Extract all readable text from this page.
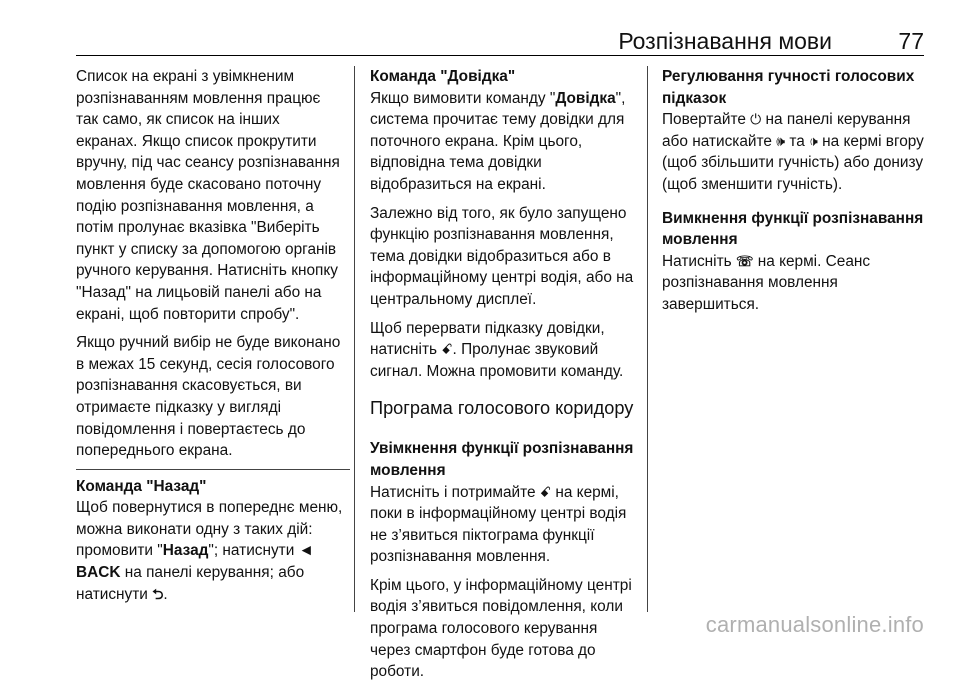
Розпізнавання мови	77

Список на екрані з увімкненим розпізнаванням мовлення працює так само, як список на інших екранах. Якщо список прокрутити вручну, під час сеансу розпізнавання мовлення буде скасовано поточну подію розпізнавання мовлення, а потім пролунає вказівка "Виберіть пункт у списку за допомогою органів ручного керування. Натисніть кнопку "Назад" на лицьовій панелі або на екрані, щоб повторити спробу".

Якщо ручний вибір не буде виконано в межах 15 секунд, сесія голосового розпізнавання скасовується, ви отримаєте підказку у вигляді повідомлення і повертаєтесь до попереднього екрана.

Команда "Назад"

Щоб повернутися в попереднє меню, можна виконати одну з таких дій: промовити "Назад"; натиснути ◄ BACK на панелі керування; або натиснути ⮌.

Команда "Довідка"

Якщо вимовити команду "Довідка", система прочитає тему довідки для поточного екрана. Крім цього, відповідна тема довідки відобразиться на екрані.

Залежно від того, як було запущено функцію розпізнавання мовлення, тема довідки відобразиться або в інформаційному центрі водія, або на центральному дисплеї.

Щоб перервати підказку довідки, натисніть ꗃ. Пролунає звуковий сигнал. Можна промовити команду.

Програма голосового коридору
Увімкнення функції розпізнавання мовлення

Натисніть і потримайте ꗃ на кермі, поки в інформаційному центрі водія не з’явиться піктограма функції розпізнавання мовлення.

Крім цього, у інформаційному центрі водія з’явиться повідомлення, коли програма голосового керування через смартфон буде готова до роботи.

Регулювання гучності голосових підказок

Повертайте ⏻ на панелі керування або натискайте 🕪 та 🕩 на кермі вгору (щоб збільшити гучність) або донизу (щоб зменшити гучність).

Вимкнення функції розпізнавання мовлення

Натисніть ☏ на кермі. Сеанс розпізнавання мовлення завершиться.

carmanualsonline.info
